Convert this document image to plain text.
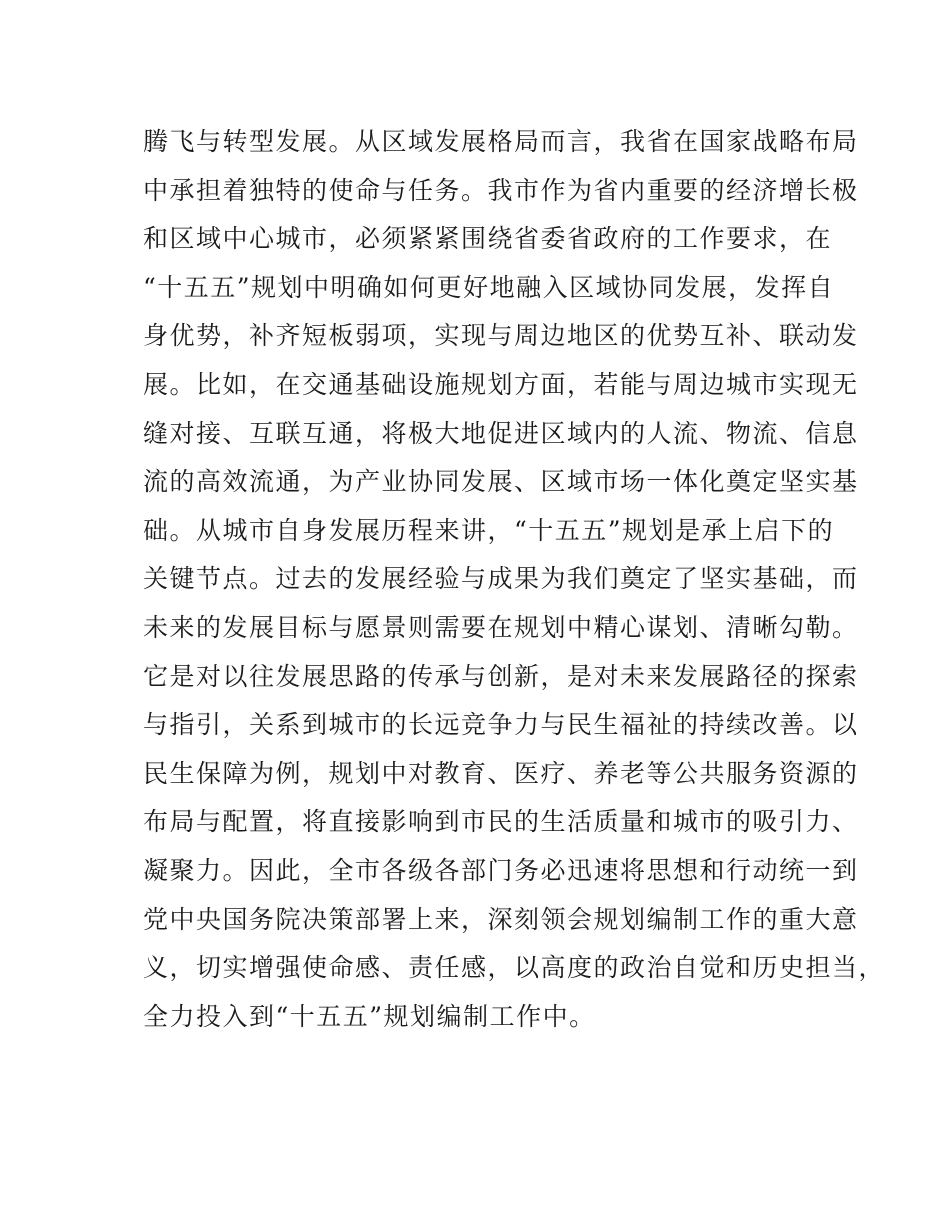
腾飞与转型发展。从区域发展格局而言，我省在国家战略布局
中承担着独特的使命与任务。我市作为省内重要的经济增长极
和区域中心城市，必须紧紧围绕省委省政府的工作要求，在
“十五五”规划中明确如何更好地融入区域协同发展，发挥自
身优势，补齐短板弱项，实现与周边地区的优势互补、联动发
展。比如，在交通基础设施规划方面，若能与周边城市实现无
缝对接、互联互通，将极大地促进区域内的人流、物流、信息
流的高效流通，为产业协同发展、区域市场一体化奠定坚实基
础。从城市自身发展历程来讲，“十五五”规划是承上启下的
关键节点。过去的发展经验与成果为我们奠定了坚实基础，而
未来的发展目标与愿景则需要在规划中精心谋划、清晰勾勒。
它是对以往发展思路的传承与创新，是对未来发展路径的探索
与指引，关系到城市的长远竞争力与民生福祉的持续改善。以
民生保障为例，规划中对教育、医疗、养老等公共服务资源的
布局与配置，将直接影响到市民的生活质量和城市的吸引力、
凝聚力。因此，全市各级各部门务必迅速将思想和行动统一到
党中央国务院决策部署上来，深刻领会规划编制工作的重大意
义，切实增强使命感、责任感，以高度的政治自觉和历史担当，
全力投入到“十五五”规划编制工作中。
